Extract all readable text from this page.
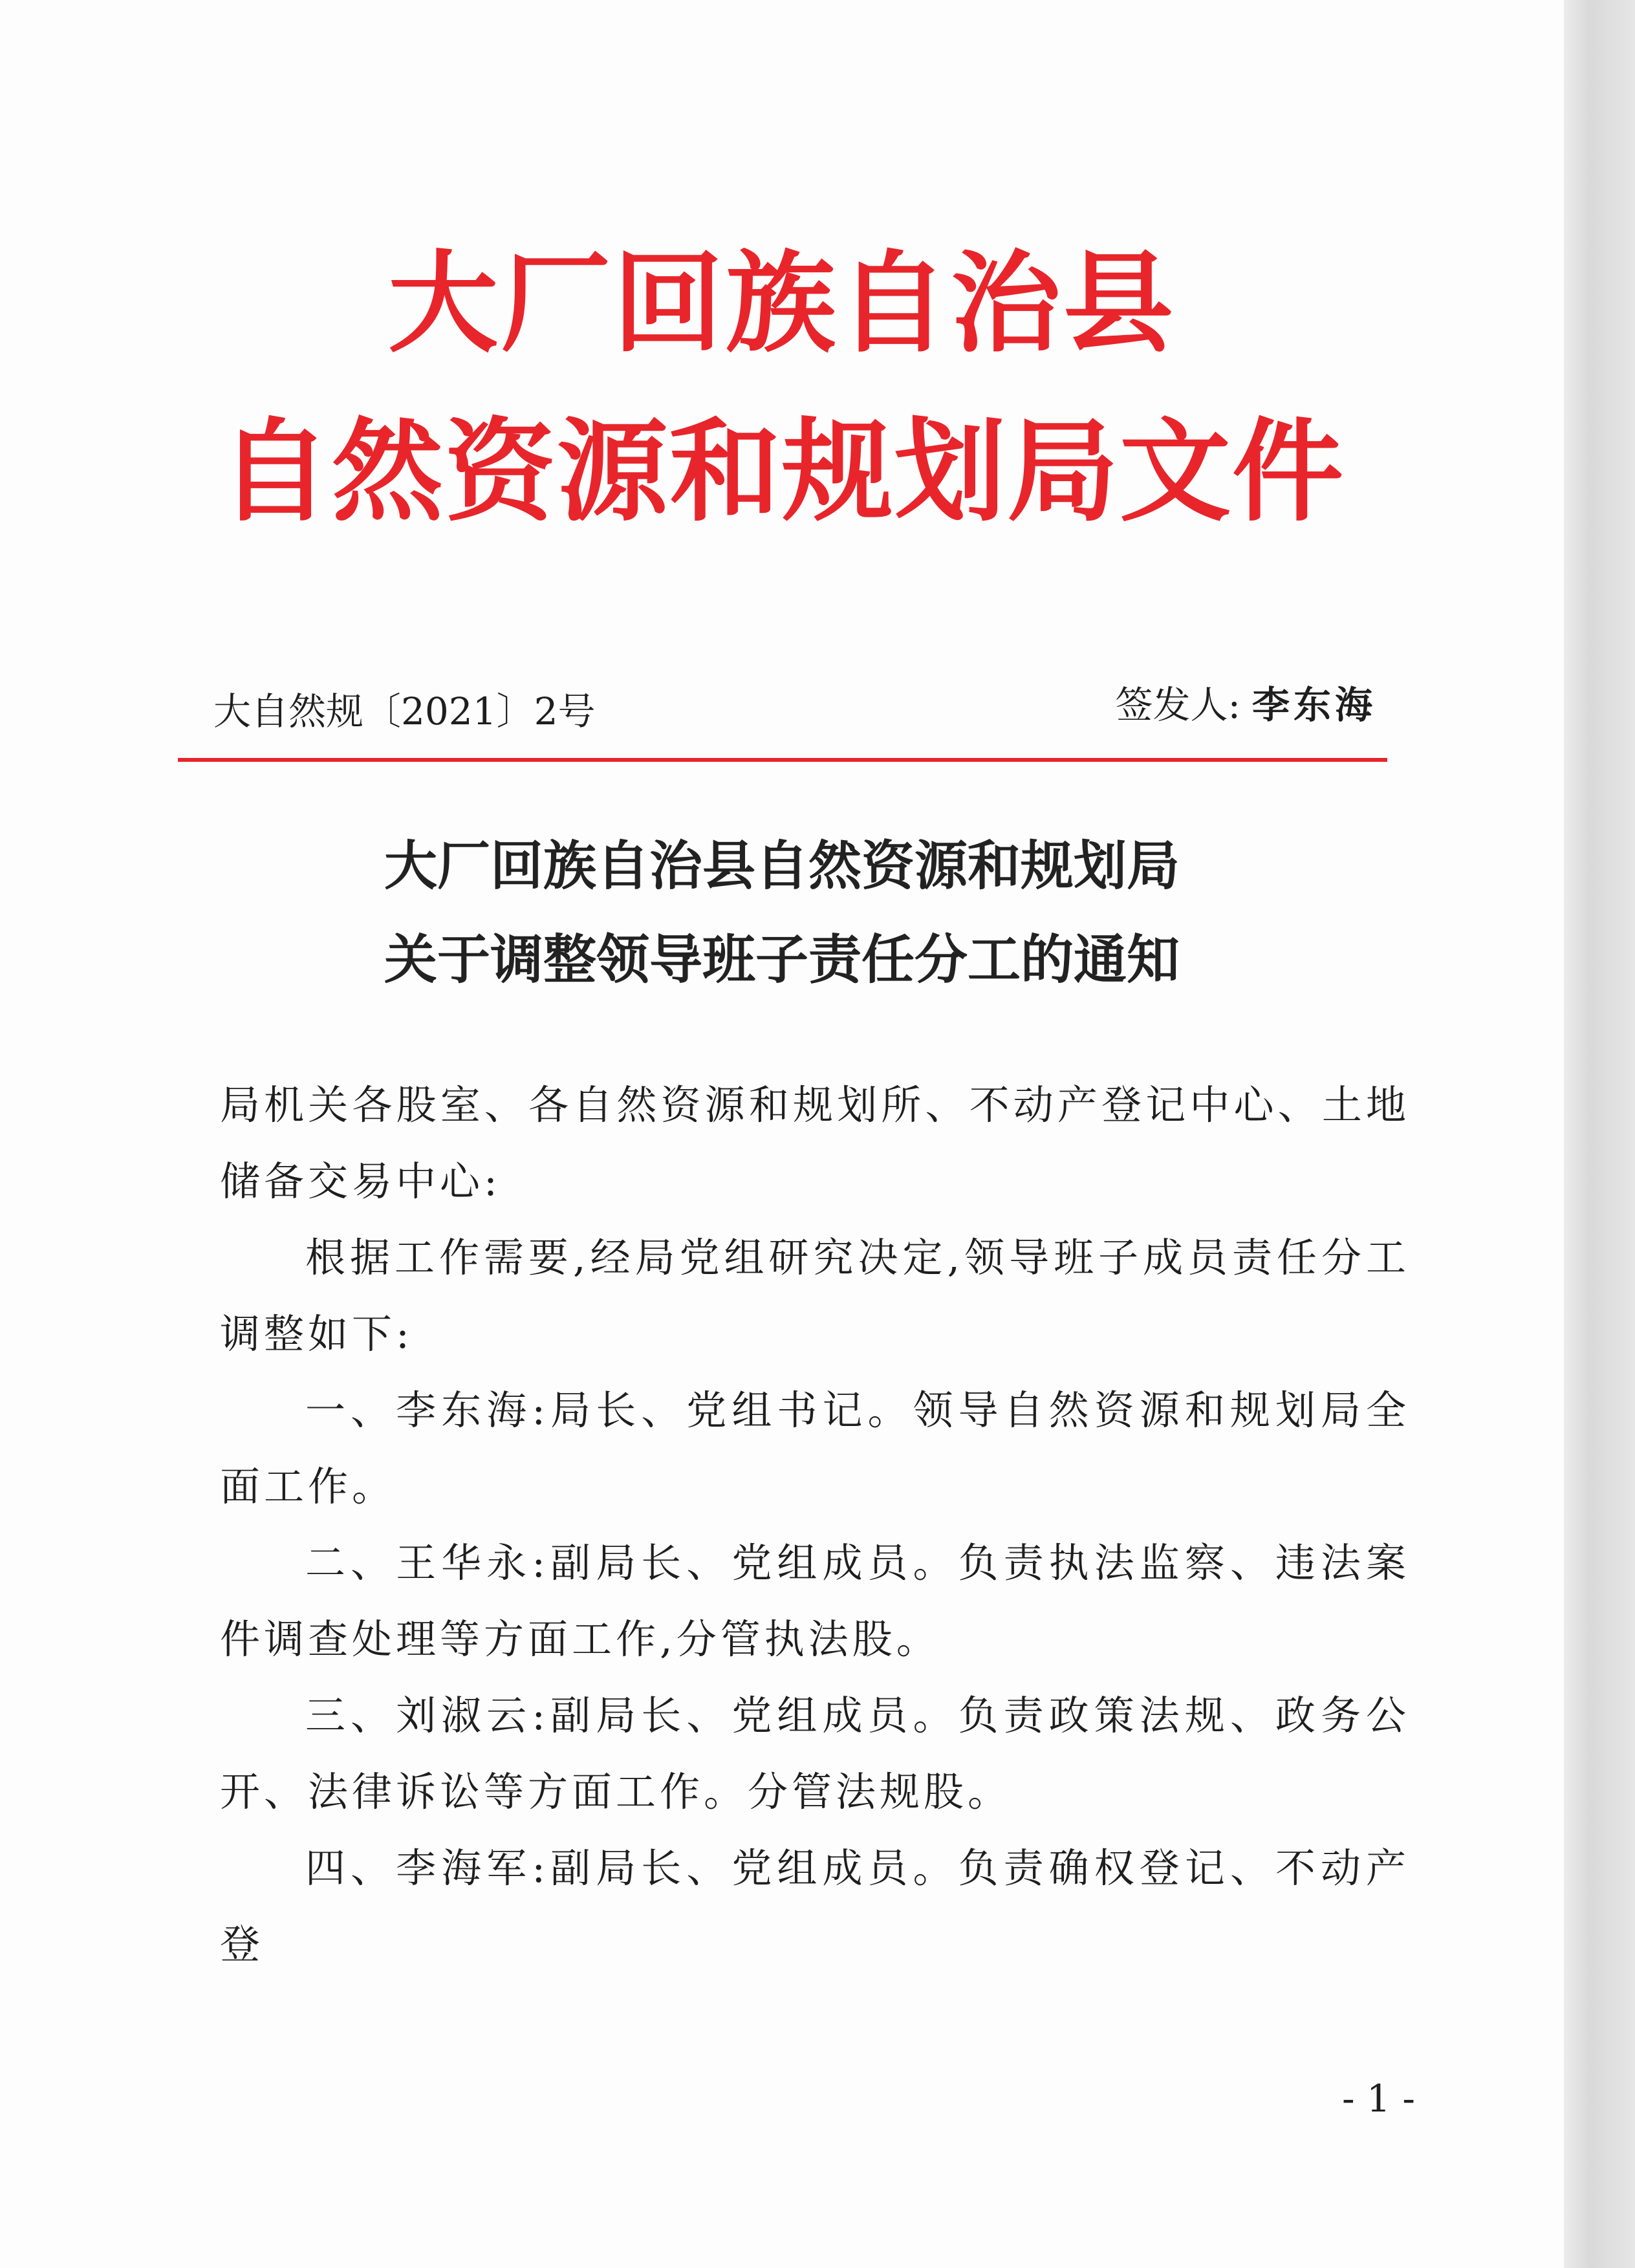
大厂回族自治县
自然资源和规划局文件
大自然规〔2021〕2号	签发人: 李东海
大厂回族自治县自然资源和规划局
关于调整领导班子责任分工的通知

局机关各股室、各自然资源和规划所、不动产登记中心、土地储备交易中心:

根据工作需要,经局党组研究决定,领导班子成员责任分工调整如下:

一、李东海:局长、党组书记。领导自然资源和规划局全面工作。

二、王华永:副局长、党组成员。负责执法监察、违法案件调查处理等方面工作,分管执法股。

三、刘淑云:副局长、党组成员。负责政策法规、政务公开、法律诉讼等方面工作。分管法规股。

四、李海军:副局长、党组成员。负责确权登记、不动产登

- 1 -
